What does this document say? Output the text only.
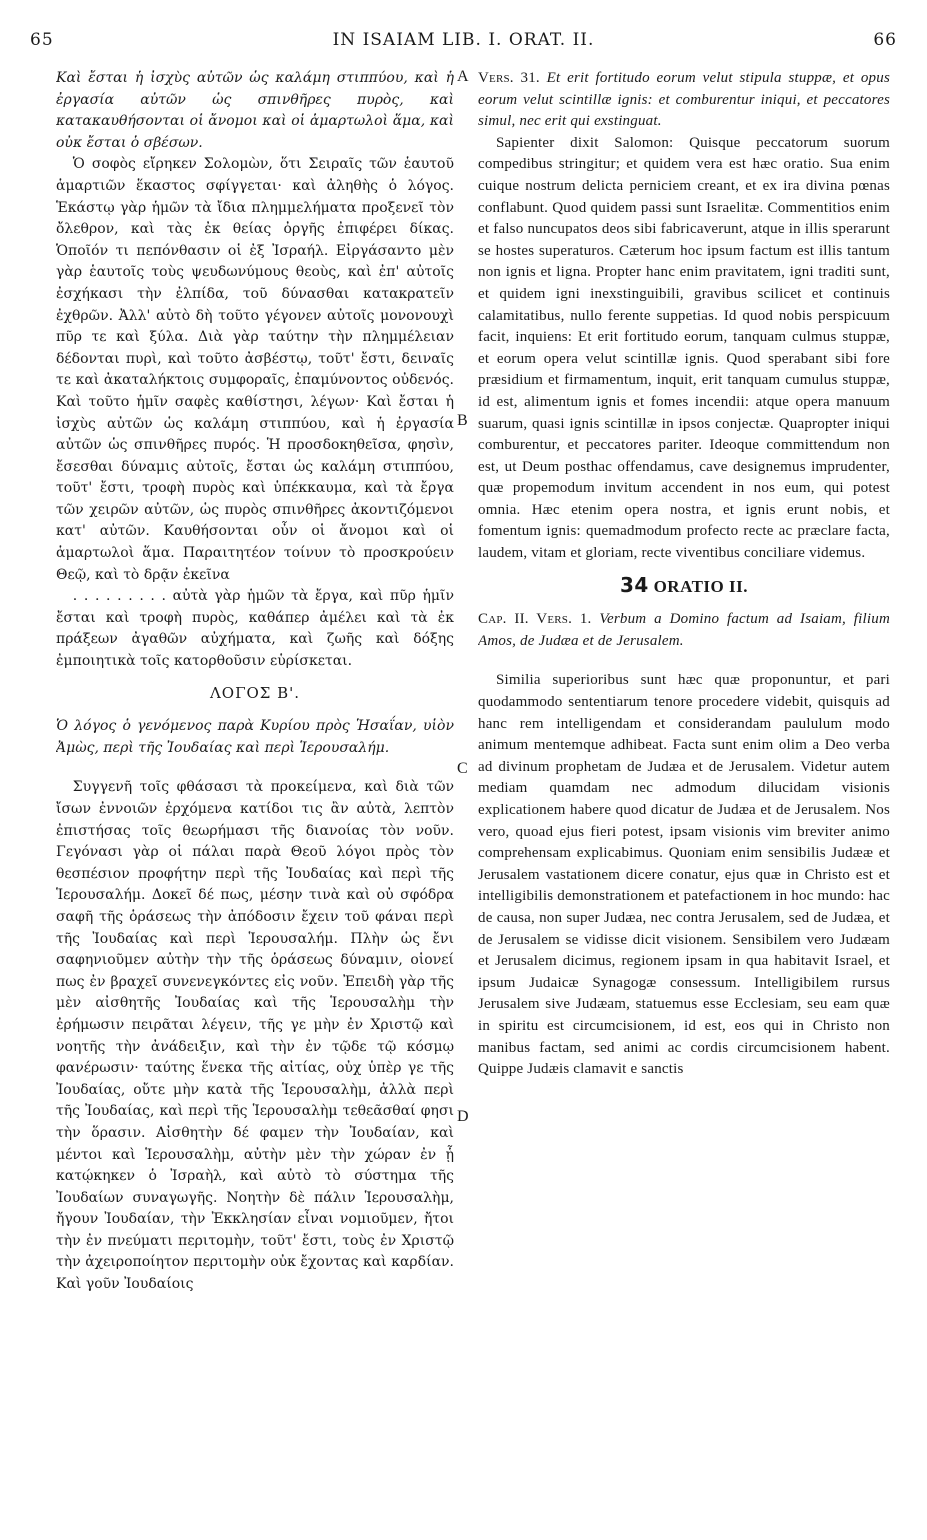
65	IN ISAIAM LIB. I. ORAT. II.	66

Καὶ ἔσται ἡ ἰσχὺς αὐτῶν ὡς καλάμη στιππύου, καὶ ἡ ἐργασία αὐτῶν ὡς σπινθῆρες πυρὸς, καὶ κατακαυθήσονται οἱ ἄνομοι καὶ οἱ ἁμαρτωλοὶ ἅμα, καὶ οὐκ ἔσται ὁ σβέσων.

Ὁ σοφὸς εἴρηκεν Σολομὼν, ὅτι Σειραῖς τῶν ἑαυτοῦ ἁμαρτιῶν ἕκαστος σφίγγεται· καὶ ἀληθὴς ὁ λόγος. Ἑκάστῳ γὰρ ἡμῶν τὰ ἴδια πλημμελήματα προξενεῖ τὸν ὄλεθρον, καὶ τὰς ἐκ θείας ὀργῆς ἐπιφέρει δίκας. Ὁποῖόν τι πεπόνθασιν οἱ ἐξ Ἰσραήλ. Εἰργάσαντο μὲν γὰρ ἑαυτοῖς τοὺς ψευδωνύμους θεοὺς, καὶ ἐπ' αὐτοῖς ἐσχήκασι τὴν ἐλπίδα, τοῦ δύνασθαι κατακρατεῖν ἐχθρῶν. Ἀλλ' αὐτὸ δὴ τοῦτο γέγονεν αὐτοῖς μονονουχὶ πῦρ τε καὶ ξύλα. Διὰ γὰρ ταύτην τὴν πλημμέλειαν δέδονται πυρὶ, καὶ τοῦτο ἀσβέστῳ, τοῦτ' ἔστι, δειναῖς τε καὶ ἀκαταλήκτοις συμφοραῖς, ἐπαμύνοντος οὐδενός. Καὶ τοῦτο ἡμῖν σαφὲς καθίστησι, λέγων· Καὶ ἔσται ἡ ἰσχὺς αὐτῶν ὡς καλάμη στιππύου, καὶ ἡ ἐργασία αὐτῶν ὡς σπινθῆρες πυρός. Ἡ προσδοκηθεῖσα, φησὶν, ἔσεσθαι δύναμις αὐτοῖς, ἔσται ὡς καλάμη στιππύου, τοῦτ' ἔστι, τροφὴ πυρὸς καὶ ὑπέκκαυμα, καὶ τὰ ἔργα τῶν χειρῶν αὐτῶν, ὡς πυρὸς σπινθῆρες ἀκοντιζόμενοι κατ' αὐτῶν. Καυθήσονται οὖν οἱ ἄνομοι καὶ οἱ ἁμαρτωλοὶ ἅμα. Παραιτητέον τοίνυν τὸ προσκρούειν Θεῷ, καὶ τὸ δρᾷν ἐκεῖνα

. . . . . . . . . αὐτὰ γὰρ ἡμῶν τὰ ἔργα, καὶ πῦρ ἡμῖν ἔσται καὶ τροφὴ πυρὸς, καθάπερ ἀμέλει καὶ τὰ ἐκ πράξεων ἀγαθῶν αὐχήματα, καὶ ζωῆς καὶ δόξης ἐμποιητικὰ τοῖς κατορθοῦσιν εὑρίσκεται.

ΛΟΓΟΣ Β'.

Ὁ λόγος ὁ γενόμενος παρὰ Κυρίου πρὸς Ἡσαΐαν, υἱὸν Ἀμὼς, περὶ τῆς Ἰουδαίας καὶ περὶ Ἱερουσαλήμ.

Συγγενῆ τοῖς φθάσασι τὰ προκείμενα, καὶ διὰ τῶν ἴσων ἐννοιῶν ἐρχόμενα κατίδοι τις ἂν αὐτὰ, λεπτὸν ἐπιστήσας τοῖς θεωρήμασι τῆς διανοίας τὸν νοῦν. Γεγόνασι γὰρ οἱ πάλαι παρὰ Θεοῦ λόγοι πρὸς τὸν θεσπέσιον προφήτην περὶ τῆς Ἰουδαίας καὶ περὶ τῆς Ἱερουσαλήμ. Δοκεῖ δέ πως, μέσην τινὰ καὶ οὐ σφόδρα σαφῆ τῆς ὁράσεως τὴν ἀπόδοσιν ἔχειν τοῦ φάναι περὶ τῆς Ἰουδαίας καὶ περὶ Ἱερουσαλήμ. Πλὴν ὡς ἔνι σαφηνιοῦμεν αὐτὴν τὴν τῆς ὁράσεως δύναμιν, οἱονεί πως ἐν βραχεῖ συνενεγκόντες εἰς νοῦν. Ἐπειδὴ γὰρ τῆς μὲν αἰσθητῆς Ἰουδαίας καὶ τῆς Ἱερουσαλὴμ τὴν ἐρήμωσιν πειρᾶται λέγειν, τῆς γε μὴν ἐν Χριστῷ καὶ νοητῆς τὴν ἀνάδειξιν, καὶ τὴν ἐν τῷδε τῷ κόσμῳ φανέρωσιν· ταύτης ἕνεκα τῆς αἰτίας, οὐχ ὑπὲρ γε τῆς Ἰουδαίας, οὔτε μὴν κατὰ τῆς Ἱερουσαλὴμ, ἀλλὰ περὶ τῆς Ἰουδαίας, καὶ περὶ τῆς Ἱερουσαλὴμ τεθεᾶσθαί φησι τὴν ὅρασιν. Αἰσθητὴν δέ φαμεν τὴν Ἰουδαίαν, καὶ μέντοι καὶ Ἱερουσαλὴμ, αὐτὴν μὲν τὴν χώραν ἐν ᾗ κατῴκηκεν ὁ Ἰσραὴλ, καὶ αὐτὸ τὸ σύστημα τῆς Ἰουδαίων συναγωγῆς. Νοητὴν δὲ πάλιν Ἱερουσαλὴμ, ἤγουν Ἰουδαίαν, τὴν Ἐκκλησίαν εἶναι νομιοῦμεν, ἤτοι τὴν ἐν πνεύματι περιτομὴν, τοῦτ' ἔστι, τοὺς ἐν Χριστῷ τὴν ἀχειροποίητον περιτομὴν οὐκ ἔχοντας καὶ καρδίαν. Καὶ γοῦν Ἰουδαίοις

A
B
C
D

Vers. 31. Et erit fortitudo eorum velut stipula stuppæ, et opus eorum velut scintillæ ignis: et comburentur iniqui, et peccatores simul, nec erit qui exstinguat.

Sapienter dixit Salomon: Quisque peccatorum suorum compedibus stringitur; et quidem vera est hæc oratio. Sua enim cuique nostrum delicta perniciem creant, et ex ira divina pœnas conflabunt. Quod quidem passi sunt Israelitæ. Commentitios enim et falso nuncupatos deos sibi fabricaverunt, atque in illis sperarunt se hostes superaturos. Cæterum hoc ipsum factum est illis tantum non ignis et ligna. Propter hanc enim pravitatem, igni traditi sunt, et quidem igni inexstinguibili, gravibus scilicet et continuis calamitatibus, nullo ferente suppetias. Id quod nobis perspicuum facit, inquiens: Et erit fortitudo eorum, tanquam culmus stuppæ, et eorum opera velut scintillæ ignis. Quod sperabant sibi fore præsidium et firmamentum, inquit, erit tanquam cumulus stuppæ, id est, alimentum ignis et fomes incendii: atque opera manuum suarum, quasi ignis scintillæ in ipsos conjectæ. Quapropter iniqui comburentur, et peccatores pariter. Ideoque committendum non est, ut Deum posthac offendamus, cave designemus imprudenter, quæ propemodum invitum accendent in nos eum, qui potest omnia. Hæc etenim opera nostra, et ignis erunt nobis, et fomentum ignis: quemadmodum profecto recte ac præclare facta, laudem, vitam et gloriam, recte viventibus conciliare videmus.

34 ORATIO II.

Cap. II. Vers. 1. Verbum a Domino factum ad Isaiam, filium Amos, de Judæa et de Jerusalem.

Similia superioribus sunt hæc quæ proponuntur, et pari quodammodo sententiarum tenore procedere videbit, quisquis ad hanc rem intelligendam et considerandam paululum modo animum mentemque adhibeat. Facta sunt enim olim a Deo verba ad divinum prophetam de Judæa et de Jerusalem. Videtur autem mediam quamdam nec admodum dilucidam visionis explicationem habere quod dicatur de Judæa et de Jerusalem. Nos vero, quoad ejus fieri potest, ipsam visionis vim breviter animo comprehensam explicabimus. Quoniam enim sensibilis Judææ et Jerusalem vastationem dicere conatur, ejus quæ in Christo est et intelligibilis demonstrationem et patefactionem in hoc mundo: hac de causa, non super Judæa, nec contra Jerusalem, sed de Judæa, et de Jerusalem se vidisse dicit visionem. Sensibilem vero Judæam et Jerusalem dicimus, regionem ipsam in qua habitavit Israel, et ipsum Judaicæ Synagogæ consessum. Intelligibilem rursus Jerusalem sive Judæam, statuemus esse Ecclesiam, seu eam quæ in spiritu est circumcisionem, id est, eos qui in Christo non manibus factam, sed animi ac cordis circumcisionem habent. Quippe Judæis clamavit e sanctis
